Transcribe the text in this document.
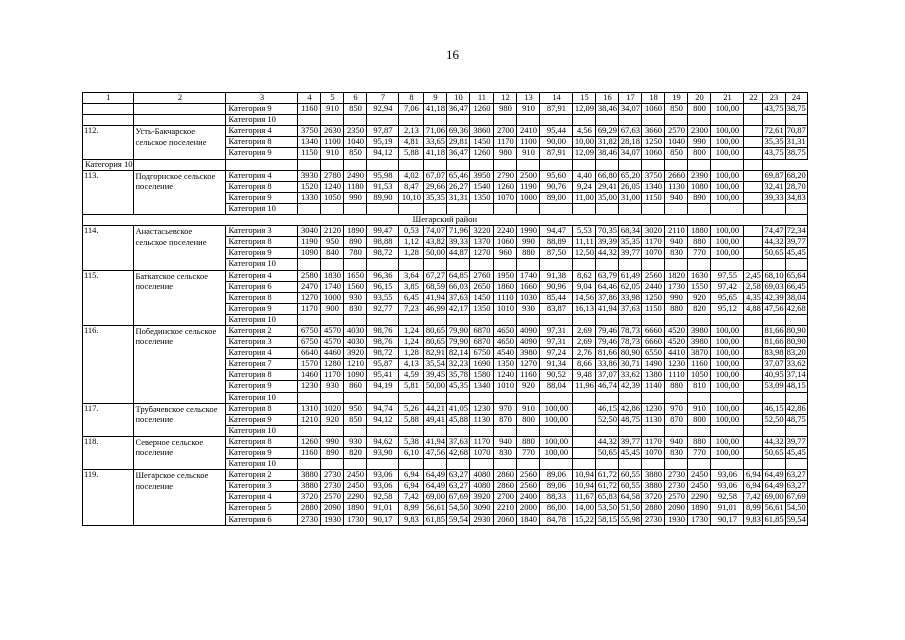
16
1	2	3	4	5	6	7	8	9	10	11	12	13	14	15	16	17	18	19	20	21	22	23	24
		Категория 9	1160	910	850	92,94	7,06	41,18	36,47	1260	980	910	87,91	12,09	38,46	34,07	1060	850	800	100,00		43,75	38,75
		Категория 10																					
112.	Усть-Бакчарское сельское поселение	Категория 4	3750	2630	2350	97,87	2,13	71,06	69,36	3860	2700	2410	95,44	4,56	69,29	67,63	3660	2570	2300	100,00		72,61	70,87
		Категория 8	1340	1100	1040	95,19	4,81	33,65	29,81	1450	1170	1100	90,00	10,00	31,82	28,18	1250	1040	990	100,00		35,35	31,31
		Категория 9	1150	910	850	94,12	5,88	41,18	36,47	1260	980	910	87,91	12,09	38,46	34,07	1060	850	800	100,00		43,75	38,75
Категория 10																							
113.	Подгорнское сельское поселение	Категория 4	3930	2780	2490	95,98	4,02	67,07	65,46	3950	2790	2500	95,60	4,40	66,80	65,20	3750	2660	2390	100,00		69,87	68,20
		Категория 8	1520	1240	1180	91,53	8,47	29,66	26,27	1540	1260	1190	90,76	9,24	29,41	26,05	1340	1130	1080	100,00		32,41	28,70
		Категория 9	1330	1050	990	89,90	10,10	35,35	31,31	1350	1070	1000	89,00	11,00	35,00	31,00	1150	940	890	100,00		39,33	34,83
		Категория 10																					
Шегарский район																							
114.	Анастасьевское сельское поселение	Категория 3	3040	2120	1890	99,47	0,53	74,07	71,96	3220	2240	1990	94,47	5,53	70,35	68,34	3020	2110	1880	100,00		74,47	72,34
		Категория 8	1190	950	890	98,88	1,12	43,82	39,33	1370	1060	990	88,89	11,11	39,39	35,35	1170	940	880	100,00		44,32	39,77
		Категория 9	1090	840	780	98,72	1,28	50,00	44,87	1270	960	880	87,50	12,50	44,32	39,77	1070	830	770	100,00		50,65	45,45
		Категория 10																					
115.	Баткатское сельское поселение	Категория 4	2580	1830	1650	96,36	3,64	67,27	64,85	2760	1950	1740	91,38	8,62	63,79	61,49	2560	1820	1630	97,55	2,45	68,10	65,64
		Категория 6	2470	1740	1560	96,15	3,85	68,59	66,03	2650	1860	1660	90,96	9,04	64,46	62,05	2440	1730	1550	97,42	2,58	69,03	66,45
		Категория 8	1270	1000	930	93,55	6,45	41,94	37,63	1450	1110	1030	85,44	14,56	37,86	33,98	1250	990	920	95,65	4,35	42,39	38,04
		Категория 9	1170	900	830	92,77	7,23	46,99	42,17	1350	1010	930	83,87	16,13	41,94	37,63	1150	880	820	95,12	4,88	47,56	42,68
		Категория 10																					
116.	Побединское сельское поселение	Категория 2	6750	4570	4030	98,76	1,24	80,65	79,90	6870	4650	4090	97,31	2,69	79,46	78,73	6660	4520	3980	100,00		81,66	80,90
		Категория 3	6750	4570	4030	98,76	1,24	80,65	79,90	6870	4650	4090	97,31	2,69	79,46	78,73	6660	4520	3980	100,00		81,66	80,90
		Категория 4	6640	4460	3920	98,72	1,28	82,91	82,14	6750	4540	3980	97,24	2,76	81,66	80,90	6550	4410	3870	100,00		83,98	83,20
		Категория 7	1570	1280	1210	95,87	4,13	35,54	32,23	1690	1350	1270	91,34	8,66	33,86	30,71	1490	1230	1160	100,00		37,07	33,62
		Категория 8	1460	1170	1090	95,41	4,59	39,45	35,78	1580	1240	1160	90,52	9,48	37,07	33,62	1380	1110	1050	100,00		40,95	37,14
		Категория 9	1230	930	860	94,19	5,81	50,00	45,35	1340	1010	920	88,04	11,96	46,74	42,39	1140	880	810	100,00		53,09	48,15
		Категория 10																					
117.	Трубачевское сельское поселение	Категория 8	1310	1020	950	94,74	5,26	44,21	41,05	1230	970	910	100,00		46,15	42,86	1230	970	910	100,00		46,15	42,86
		Категория 9	1210	920	850	94,12	5,88	49,41	45,88	1130	870	800	100,00		52,50	48,75	1130	870	800	100,00		52,50	48,75
		Категория 10																					
118.	Северное сельское поселение	Категория 8	1260	990	930	94,62	5,38	41,94	37,63	1170	940	880	100,00		44,32	39,77	1170	940	880	100,00		44,32	39,77
		Категория 9	1160	890	820	93,90	6,10	47,56	42,68	1070	830	770	100,00		50,65	45,45	1070	830	770	100,00		50,65	45,45
		Категория 10																					
119.	Шегарское сельское поселение	Категория 2	3880	2730	2450	93,06	6,94	64,49	63,27	4080	2860	2560	89,06	10,94	61,72	60,55	3880	2730	2450	93,06	6,94	64,49	63,27
		Категория 3	3880	2730	2450	93,06	6,94	64,49	63,27	4080	2860	2560	89,06	10,94	61,72	60,55	3880	2730	2450	93,06	6,94	64,49	63,27
		Категория 4	3720	2570	2290	92,58	7,42	69,00	67,69	3920	2700	2400	88,33	11,67	65,83	64,58	3720	2570	2290	92,58	7,42	69,00	67,69
		Категория 5	2880	2090	1890	91,01	8,99	56,61	54,50	3090	2210	2000	86,00	14,00	53,50	51,50	2880	2090	1890	91,01	8,99	56,61	54,50
		Категория 6	2730	1930	1730	90,17	9,83	61,85	59,54	2930	2060	1840	84,78	15,22	58,15	55,98	2730	1930	1730	90,17	9,83	61,85	59,54
